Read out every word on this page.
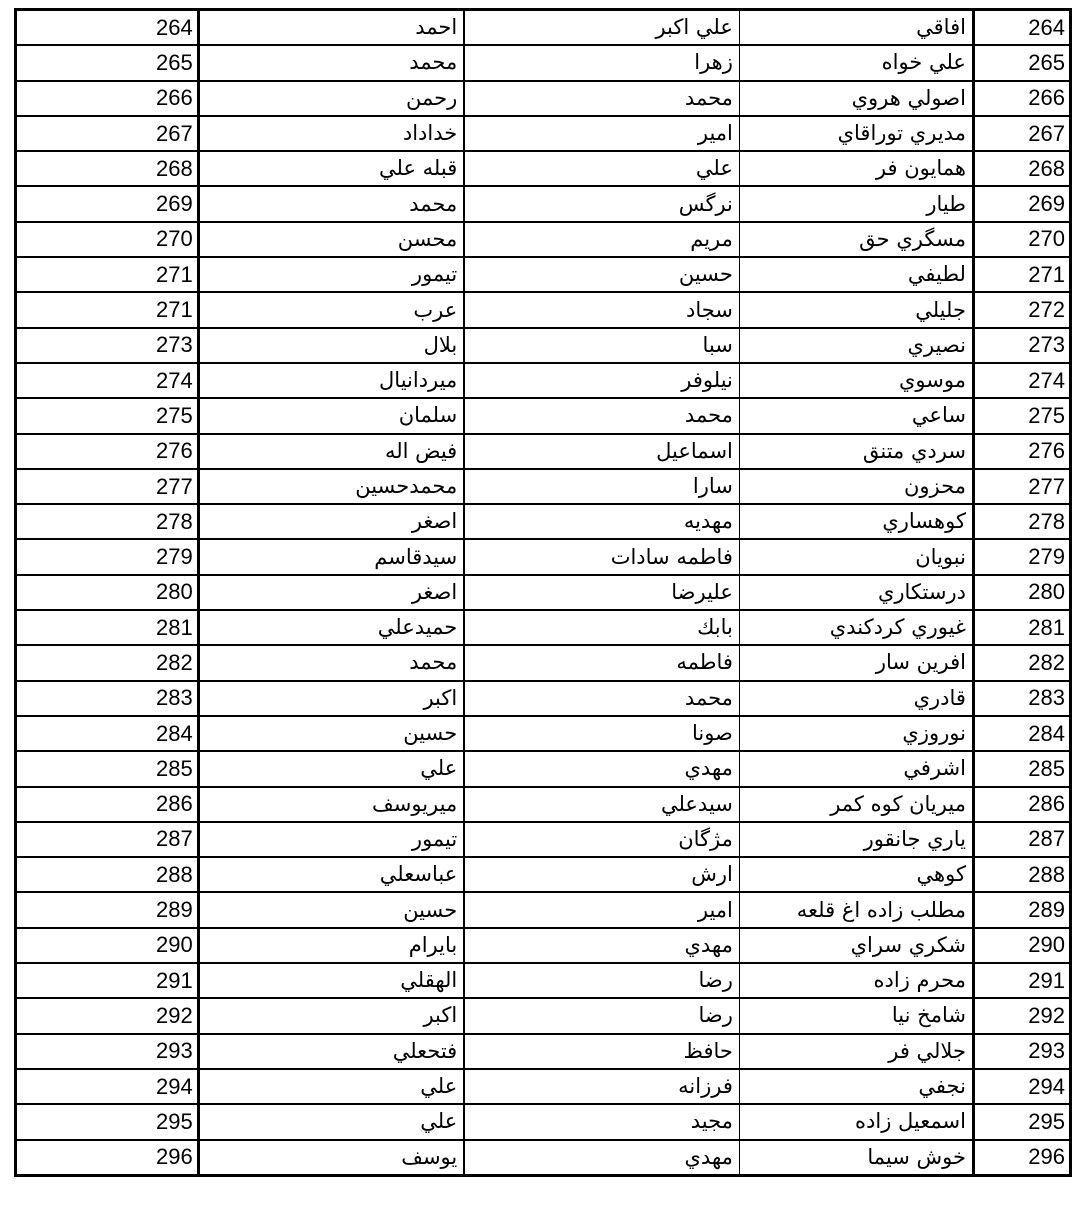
264	افاقي	علي اكبر	احمد	264
265	علي خواه	زهرا	محمد	265
266	اصولي هروي	محمد	رحمن	266
267	مديري توراقاي	امير	خداداد	267
268	همايون فر	علي	قبله علي	268
269	طيار	نرگس	محمد	269
270	مسگري حق	مريم	محسن	270
271	لطيفي	حسين	تيمور	271
272	جليلي	سجاد	عرب	271
273	نصيري	سبا	بلال	273
274	موسوي	نيلوفر	ميردانيال	274
275	ساعي	محمد	سلمان	275
276	سردي متنق	اسماعيل	فيض اله	276
277	محزون	سارا	محمدحسين	277
278	كوهساري	مهديه	اصغر	278
279	نبويان	فاطمه سادات	سيدقاسم	279
280	درستكاري	عليرضا	اصغر	280
281	غيوري كردكندي	بابك	حميدعلي	281
282	افرين سار	فاطمه	محمد	282
283	قادري	محمد	اكبر	283
284	نوروزي	صونا	حسين	284
285	اشرفي	مهدي	علي	285
286	ميريان كوه كمر	سيدعلي	ميريوسف	286
287	ياري جانقور	مژگان	تيمور	287
288	كوهي	ارش	عباسعلي	288
289	مطلب زاده اغ قلعه	امير	حسين	289
290	شكري سراي	مهدي	بايرام	290
291	محرم زاده	رضا	الهقلي	291
292	شامخ نيا	رضا	اكبر	292
293	جلالي فر	حافظ	فتحعلي	293
294	نجفي	فرزانه	علي	294
295	اسمعيل زاده	مجيد	علي	295
296	خوش سيما	مهدي	يوسف	296
